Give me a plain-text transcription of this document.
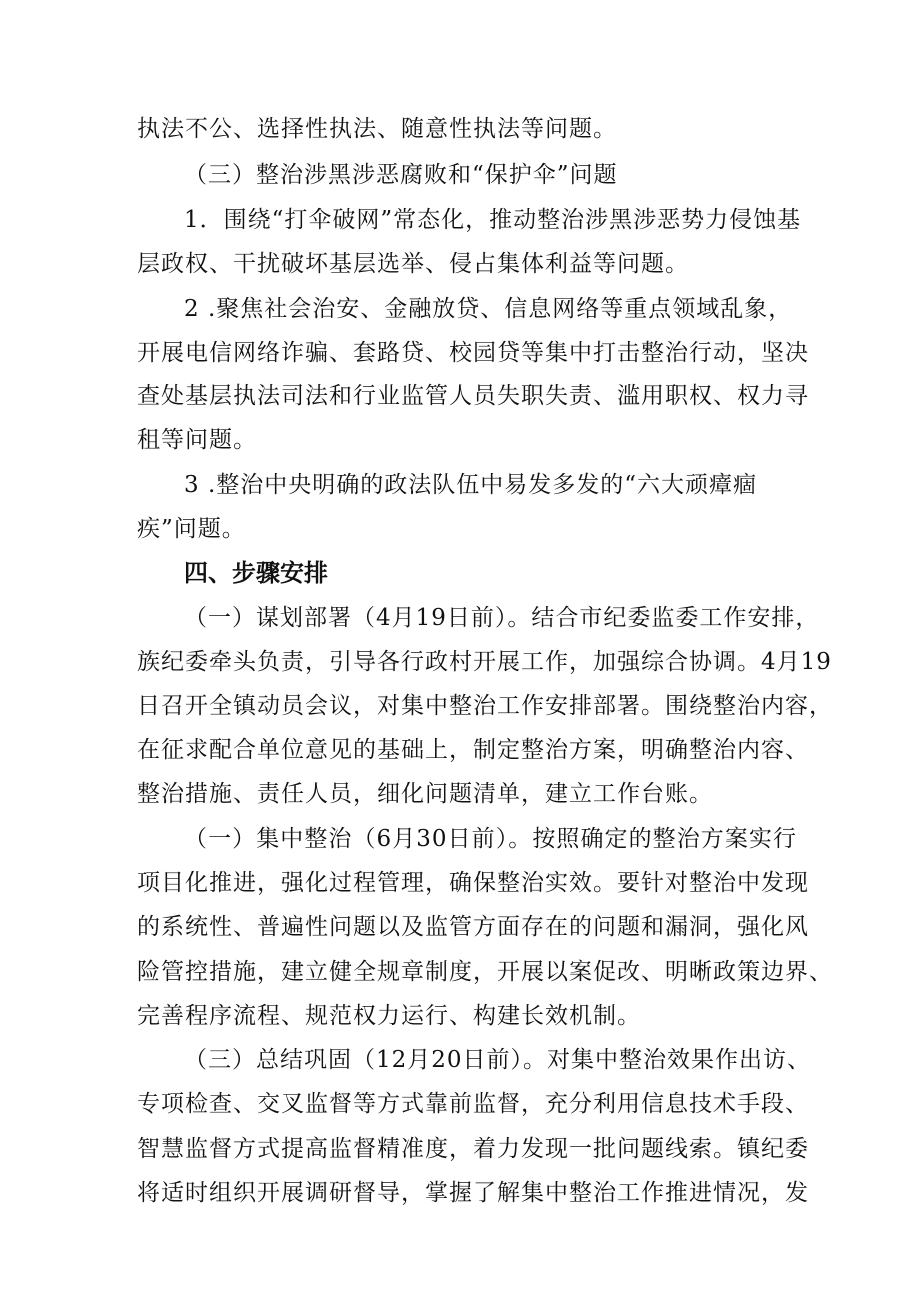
执法不公、选择性执法、随意性执法等问题。
（三）整治涉黑涉恶腐败和“保护伞”问题
1．围绕“打伞破网”常态化，推动整治涉黑涉恶势力侵蚀基
层政权、干扰破坏基层选举、侵占集体利益等问题。
2 .聚焦社会治安、金融放贷、信息网络等重点领域乱象，
开展电信网络诈骗、套路贷、校园贷等集中打击整治行动，坚决
查处基层执法司法和行业监管人员失职失责、滥用职权、权力寻
租等问题。
3 .整治中央明确的政法队伍中易发多发的“六大顽瘴痼
疾”问题。
四、步骤安排
（一）谋划部署（4月19日前）。结合市纪委监委工作安排，
族纪委牵头负责，引导各行政村开展工作，加强综合协调。4月19
日召开全镇动员会议，对集中整治工作安排部署。围绕整治内容，
在征求配合单位意见的基础上，制定整治方案，明确整治内容、
整治措施、责任人员，细化问题清单，建立工作台账。
（一）集中整治（6月30日前）。按照确定的整治方案实行
项目化推进，强化过程管理，确保整治实效。要针对整治中发现
的系统性、普遍性问题以及监管方面存在的问题和漏洞，强化风
险管控措施，建立健全规章制度，开展以案促改、明晰政策边界、
完善程序流程、规范权力运行、构建长效机制。
（三）总结巩固（12月20日前）。对集中整治效果作出访、
专项检查、交叉监督等方式靠前监督，充分利用信息技术手段、
智慧监督方式提高监督精准度，着力发现一批问题线索。镇纪委
将适时组织开展调研督导，掌握了解集中整治工作推进情况，发
